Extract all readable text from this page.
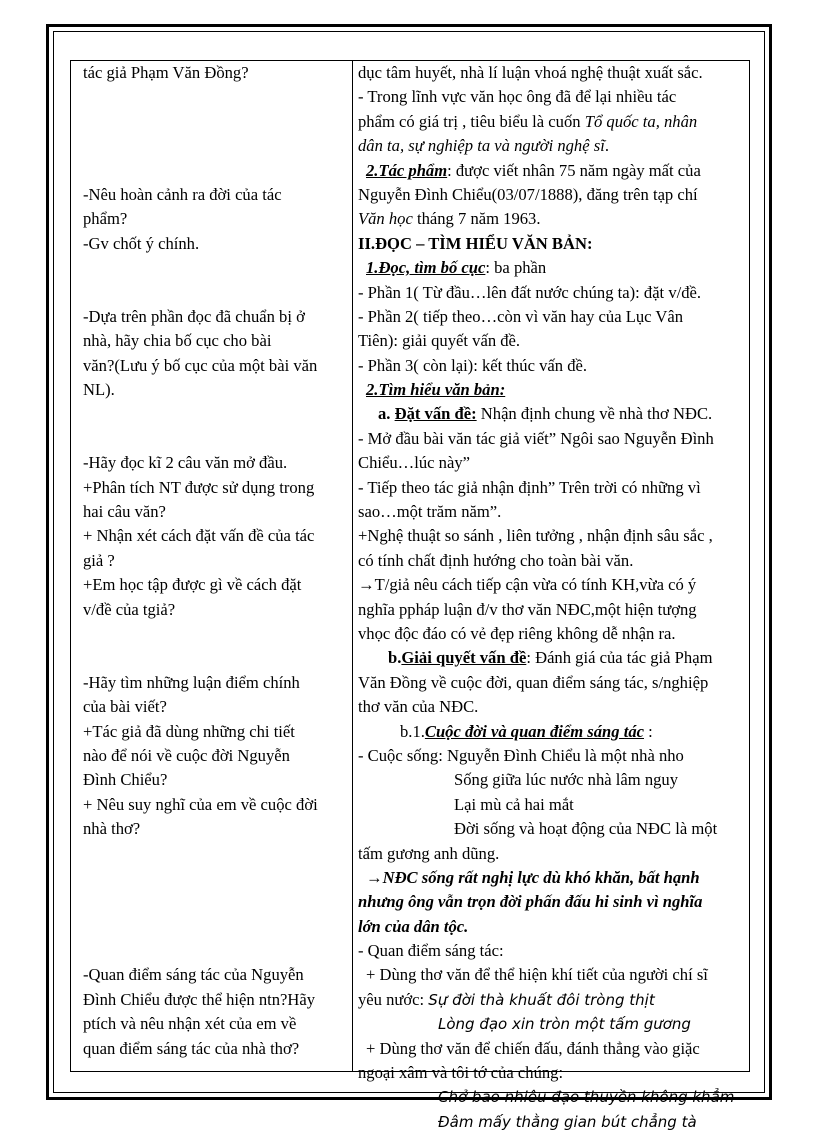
tác giả Phạm Văn Đồng?
-Nêu hoàn cảnh ra đời của tác
phẩm?
-Gv chốt ý chính.
-Dựa trên phần đọc đã chuẩn bị ở
nhà, hãy chia bố cục cho bài
văn?(Lưu ý bố cục của một bài văn
NL).
-Hãy đọc kĩ 2 câu văn mở đầu.
+Phân tích NT được sử dụng trong
hai câu văn?
+ Nhận xét cách đặt vấn đề của tác
giả ?
+Em học tập được gì về cách đặt
v/đề của tgiả?
-Hãy tìm những luận điểm chính
của bài viết?
+Tác giả đã dùng những chi tiết
nào để nói về cuộc đời Nguyễn
Đình Chiểu?
+ Nêu suy nghĩ của em về cuộc đời
nhà thơ?
-Quan điểm sáng tác của Nguyễn
Đình Chiểu được thể hiện ntn?Hãy
ptích và nêu nhận xét của em về
quan điểm sáng tác của nhà thơ?
dục tâm huyết, nhà lí luận vhoá nghệ thuật xuất sắc.
- Trong lĩnh vực văn học ông đã để lại nhiều tác
phẩm có giá trị , tiêu biểu là cuốn Tổ quốc ta, nhân
dân ta, sự nghiệp ta và người nghệ sĩ.
2.Tác phẩm: được viết nhân 75 năm ngày mất của
Nguyễn Đình Chiểu(03/07/1888), đăng trên tạp chí
Văn học tháng 7 năm 1963.
II.ĐỌC – TÌM HIỂU VĂN BẢN:
1.Đọc, tìm bố cục: ba phần
- Phần 1( Từ đầu…lên đất nước chúng ta): đặt v/đề.
- Phần 2( tiếp theo…còn vì văn hay của Lục Vân
Tiên): giải quyết vấn đề.
- Phần 3( còn lại): kết thúc vấn đề.
2.Tìm hiểu văn bản:
a. Đặt vấn đề: Nhận định chung về nhà thơ NĐC.
- Mở đầu bài văn tác giả viết” Ngôi sao Nguyễn Đình
Chiểu…lúc này”
- Tiếp theo tác giả nhận định” Trên trời có những vì
sao…một trăm năm”.
+Nghệ thuật so sánh , liên tưởng , nhận định sâu sắc ,
có tính chất định hướng cho toàn bài văn.
→T/giả nêu cách tiếp cận vừa có tính KH,vừa có ý
nghĩa ppháp luận đ/v thơ văn NĐC,một hiện tượng
vhọc độc đáo có vẻ đẹp riêng không dễ nhận ra.
b.Giải quyết vấn đề: Đánh giá của tác giả Phạm
Văn Đồng về cuộc đời, quan điểm sáng tác, s/nghiệp
thơ văn của NĐC.
b.1.Cuộc đời và quan điểm sáng tác :
- Cuộc sống: Nguyễn Đình Chiểu là một nhà nho
Sống giữa lúc nước nhà lâm nguy
Lại mù cả hai mắt
Đời sống và hoạt động của NĐC là một
tấm gương anh dũng.
→NĐC sống rất nghị lực dù khó khăn, bất hạnh
nhưng ông vẫn trọn đời phấn đấu hi sinh vì nghĩa
lớn của dân tộc.
- Quan điểm sáng tác:
+ Dùng thơ văn để thể hiện khí tiết của người chí sĩ
yêu nước: Sự đời thà khuất đôi tròng thịt
Lòng đạo xin tròn một tấm gương
+ Dùng thơ văn để chiến đấu, đánh thẳng vào giặc
ngoại xâm và tôi tớ của chúng:
Chở bao nhiêu đạo thuyền không khẳm
Đâm mấy thằng gian bút chẳng tà
